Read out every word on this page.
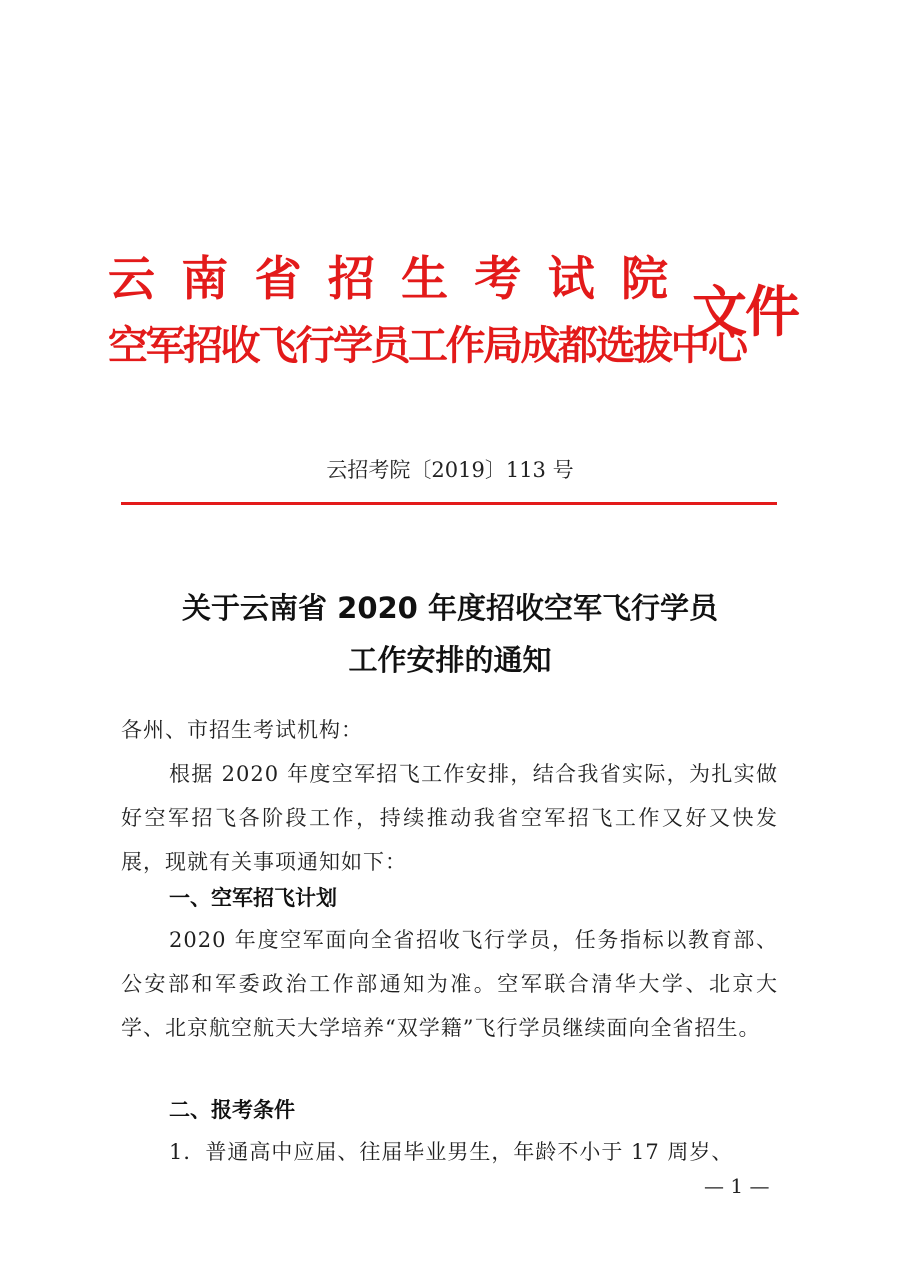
云 南 省 招 生 考 试 院
空军招收飞行学员工作局成都选拔中心
文件
云招考院〔2019〕113 号
关于云南省 2020 年度招收空军飞行学员
工作安排的通知
各州、市招生考试机构：
根据 2020 年度空军招飞工作安排，结合我省实际，为扎实做好空军招飞各阶段工作，持续推动我省空军招飞工作又好又快发展，现就有关事项通知如下：
一、空军招飞计划
2020 年度空军面向全省招收飞行学员，任务指标以教育部、公安部和军委政治工作部通知为准。空军联合清华大学、北京大学、北京航空航天大学培养“双学籍”飞行学员继续面向全省招生。
二、报考条件
1．普通高中应届、往届毕业男生，年龄不小于 17 周岁、
— 1 —
